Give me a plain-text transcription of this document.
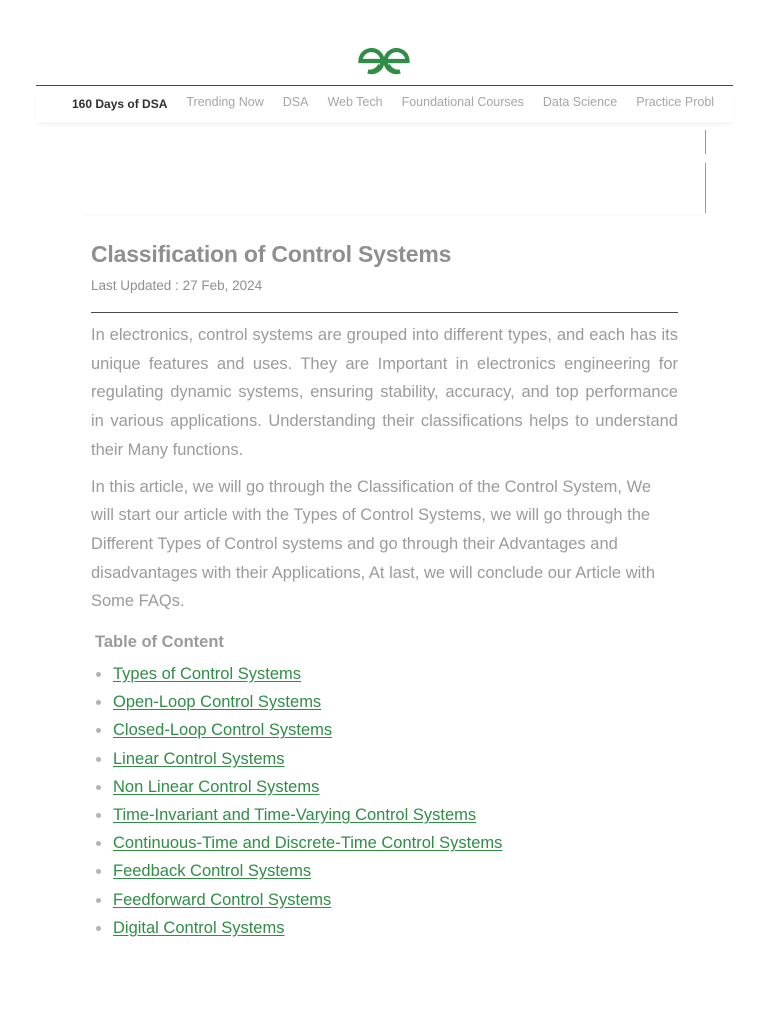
160 Days of DSA Trending Now DSA Web Tech Foundational Courses Data Science Practice Probl
Classification of Control Systems
Last Updated : 27 Feb, 2024

In electronics, control systems are grouped into different types, and each has its unique features and uses. They are Important in electronics engineering for regulating dynamic systems, ensuring stability, accuracy, and top performance in various applications. Understanding their classifications helps to understand their Many functions.

In this article, we will go through the Classification of the Control System, We will start our article with the Types of Control Systems, we will go through the Different Types of Control systems and go through their Advantages and disadvantages with their Applications, At last, we will conclude our Article with Some FAQs.

Table of Content
Types of Control Systems
Open-Loop Control Systems
Closed-Loop Control Systems
Linear Control Systems
Non Linear Control Systems
Time-Invariant and Time-Varying Control Systems
Continuous-Time and Discrete-Time Control Systems
Feedback Control Systems
Feedforward Control Systems
Digital Control Systems
